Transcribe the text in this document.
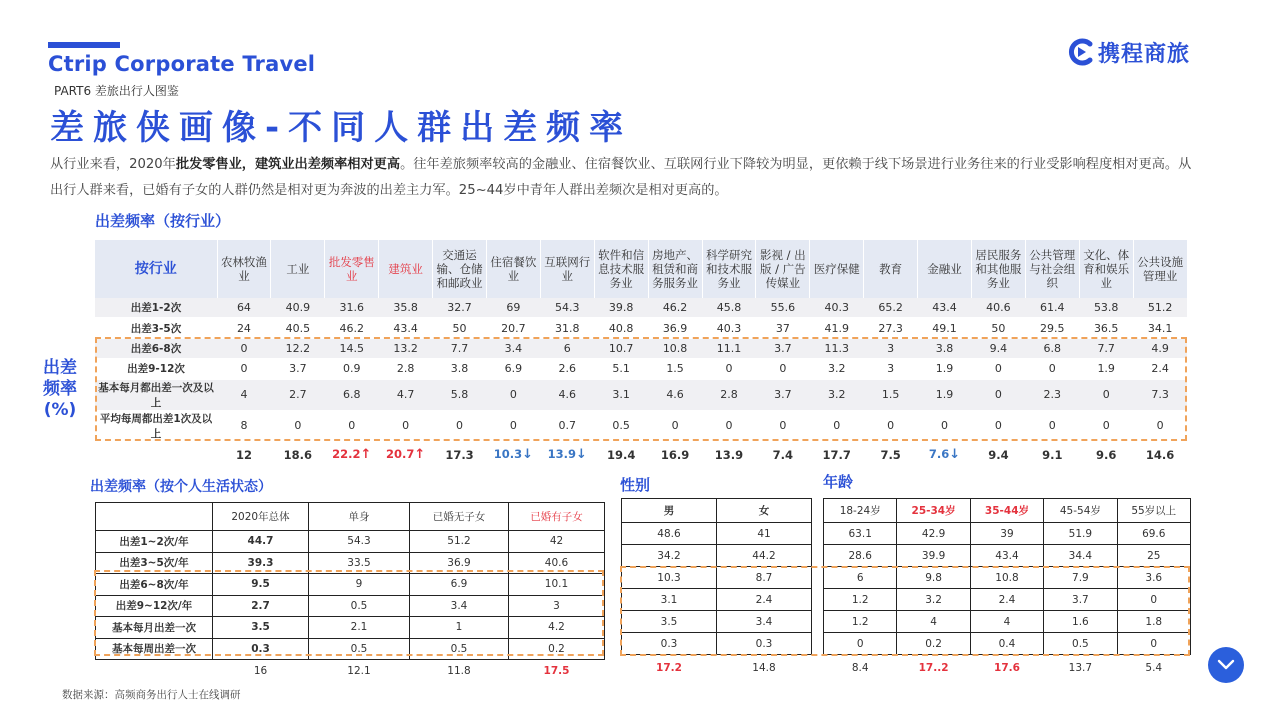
Ctrip Corporate Travel
PART6 差旅出行人图鉴
差旅侠画像-不同人群出差频率
携程商旅
从行业来看，2020年批发零售业，建筑业出差频率相对更高。往年差旅频率较高的金融业、住宿餐饮业、互联网行业下降较为明显，更依赖于线下场景进行业务往来的行业受影响程度相对更高。从出行人群来看，已婚有子女的人群仍然是相对更为奔波的出差主力军。25~44岁中青年人群出差频次是相对更高的。
出差频率（按行业）
出差
频率
(%)
按行业	农林牧渔业	工业	批发零售业	建筑业	交通运输、仓储和邮政业	住宿餐饮业	互联网行业	软件和信息技术服务业	房地产、租赁和商务服务业	科学研究和技术服务业	影视 / 出版 / 广告传媒业	医疗保健	教育	金融业	居民服务和其他服务业	公共管理与社会组织	文化、体育和娱乐业	公共设施管理业
出差1-2次	64	40.9	31.6	35.8	32.7	69	54.3	39.8	46.2	45.8	55.6	40.3	65.2	43.4	40.6	61.4	53.8	51.2
出差3-5次	24	40.5	46.2	43.4	50	20.7	31.8	40.8	36.9	40.3	37	41.9	27.3	49.1	50	29.5	36.5	34.1
出差6-8次	0	12.2	14.5	13.2	7.7	3.4	6	10.7	10.8	11.1	3.7	11.3	3	3.8	9.4	6.8	7.7	4.9
出差9-12次	0	3.7	0.9	2.8	3.8	6.9	2.6	5.1	1.5	0	0	3.2	3	1.9	0	0	1.9	2.4
基本每月都出差一次及以上	4	2.7	6.8	4.7	5.8	0	4.6	3.1	4.6	2.8	3.7	3.2	1.5	1.9	0	2.3	0	7.3
平均每周都出差1次及以上	8	0	0	0	0	0	0.7	0.5	0	0	0	0	0	0	0	0	0	0
	12	18.6	22.2↑	20.7↑	17.3	10.3↓	13.9↓	19.4	16.9	13.9	7.4	17.7	7.5	7.6↓	9.4	9.1	9.6	14.6
出差频率（按个人生活状态）
	2020年总体	单身	已婚无子女	已婚有子女
出差1~2次/年	44.7	54.3	51.2	42
出差3~5次/年	39.3	33.5	36.9	40.6
出差6~8次/年	9.5	9	6.9	10.1
出差9~12次/年	2.7	0.5	3.4	3
基本每月出差一次	3.5	2.1	1	4.2
基本每周出差一次	0.3	0.5	0.5	0.2
	16	12.1	11.8	17.5
性别
男	女
48.6	41
34.2	44.2
10.3	8.7
3.1	2.4
3.5	3.4
0.3	0.3
17.2	14.8
年龄
18-24岁	25-34岁	35-44岁	45-54岁	55岁以上
63.1	42.9	39	51.9	69.6
28.6	39.9	43.4	34.4	25
6	9.8	10.8	7.9	3.6
1.2	3.2	2.4	3.7	0
1.2	4	4	1.6	1.8
0	0.2	0.4	0.5	0
8.4	17..2	17.6	13.7	5.4
数据来源：高频商务出行人士在线调研
